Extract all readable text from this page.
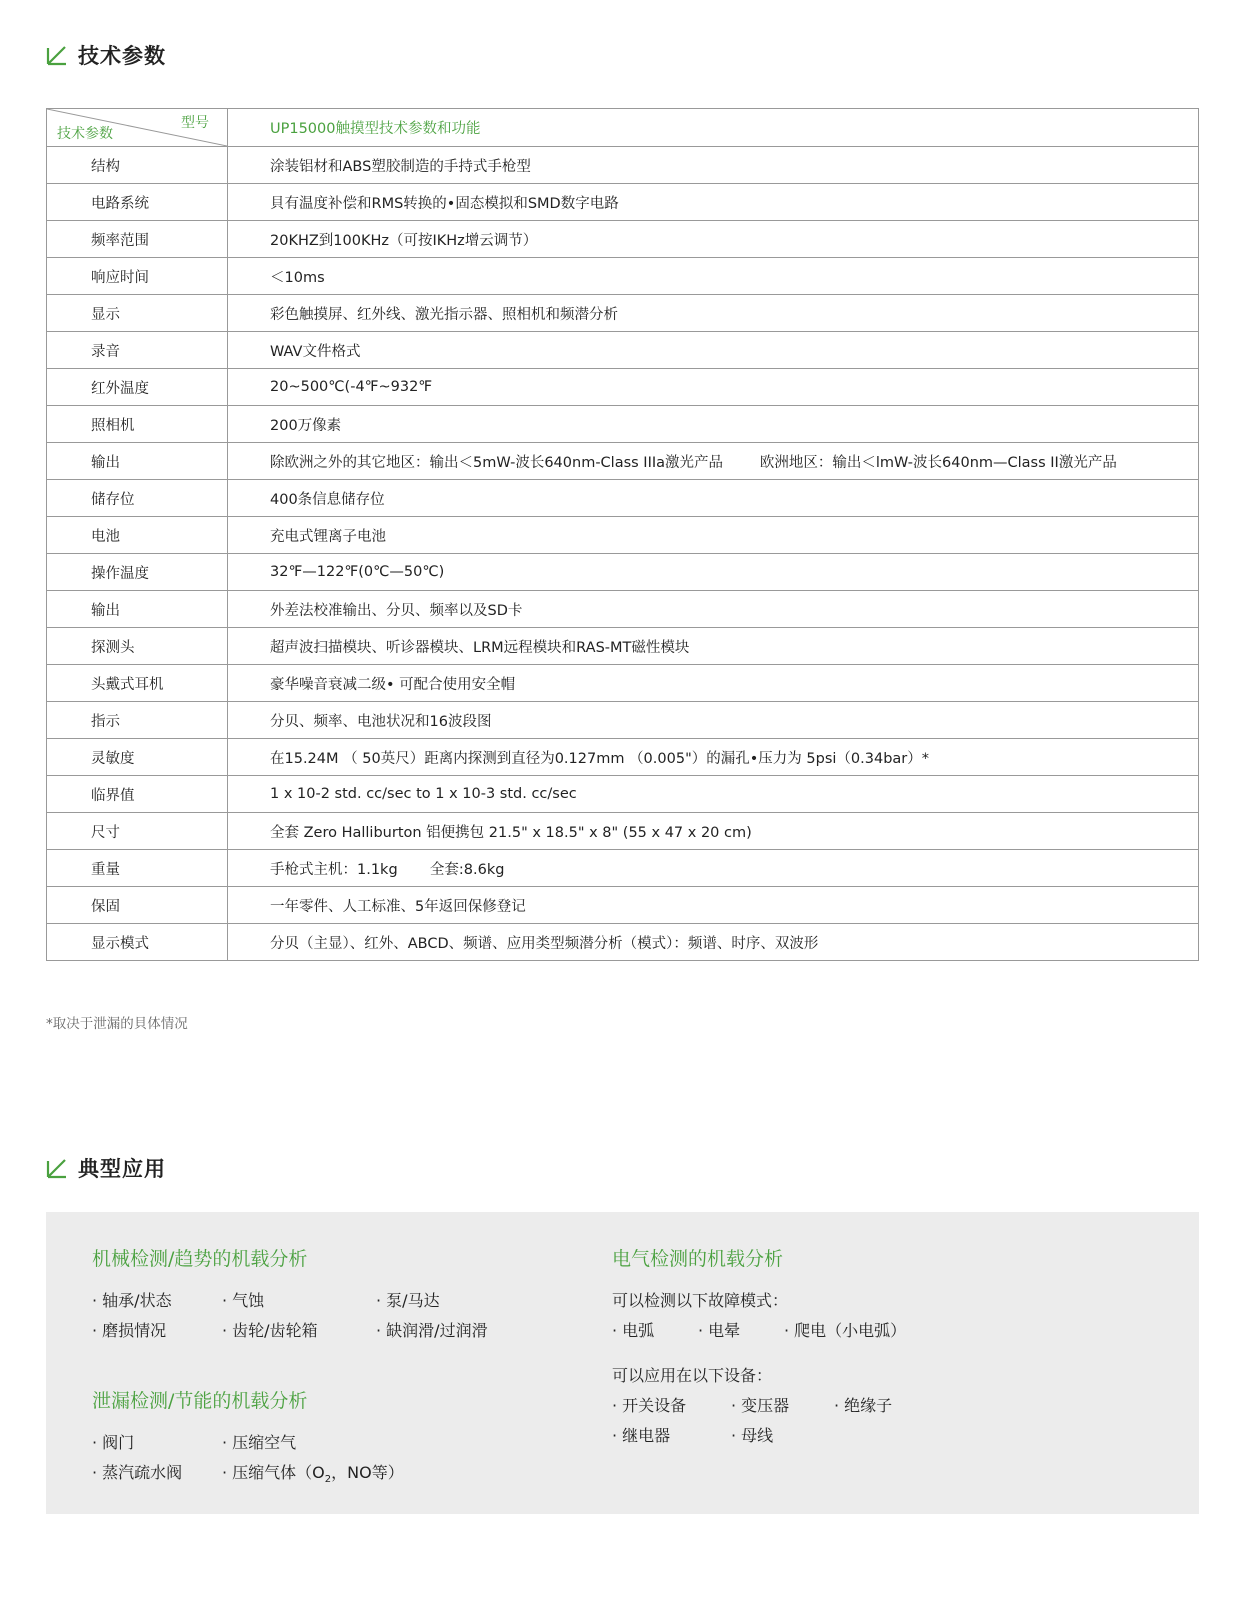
技术参数
型号
技术参数	UP15000触摸型技术参数和功能
结构	涂装铝材和ABS塑胶制造的手持式手枪型
电路系统	貝有温度补偿和RMS转换的•固态模拟和SMD数字电路
频率范围	20KHZ到100KHz（可按IKHz增云调节）
响应时间	＜10ms
显示	彩色触摸屏、红外线、激光指示器、照相机和频潜分析
录音	WAV文件格式
红外温度	20~500℃(-4℉~932℉
照相机	200万像素
输出	除欧洲之外的其它地区：输出＜5mW-波长640nm-Class IIIa激光产品        欧洲地区：输出＜lmW-波长640nm—Class II激光产品
储存位	400条信息储存位
电池	充电式锂离子电池
操作温度	32℉—122℉(0℃—50℃)
输出	外差法校准输出、分贝、频率以及SD卡
探测头	超声波扫描模块、听诊器模块、LRM远程模块和RAS-MT磁性模块
头戴式耳机	豪华噪音衰减二级• 可配合使用安全帽
指示	分贝、频率、电池状况和16波段图
灵敏度	在15.24M （ 50英尺）距离内探测到直径为0.127mm （0.005"）的漏孔•压力为 5psi（0.34bar）*
临界值	1 x 10-2 std. cc/sec to 1 x 10-3 std. cc/sec
尺寸	全套 Zero Halliburton 铝便携包 21.5" x 18.5" x 8" (55 x 47 x 20 cm)
重量	手枪式主机：1.1kg       全套:8.6kg
保固	一年零件、人工标准、5年返回保修登记
显示模式	分贝（主显）、红外、ABCD、频谱、应用类型频潜分析（模式）：频谱、时序、双波形
*取决于泄漏的貝体情况
典型应用
机械检测/趋势的机载分析
· 轴承/状态	· 气蚀	· 泵/马达
· 磨损情况	· 齿轮/齿轮箱	· 缺润滑/过润滑
泄漏检测/节能的机载分析
· 阀门	· 压缩空气
· 蒸汽疏水阀 · 压缩气体（$O_2$，NO等）
电气检测的机载分析
可以检测以下故障模式：
· 电弧	· 电晕	· 爬电（小电弧）
可以应用在以下设备：
· 开关设备	· 变压器	· 绝缘子
· 继电器	· 母线
